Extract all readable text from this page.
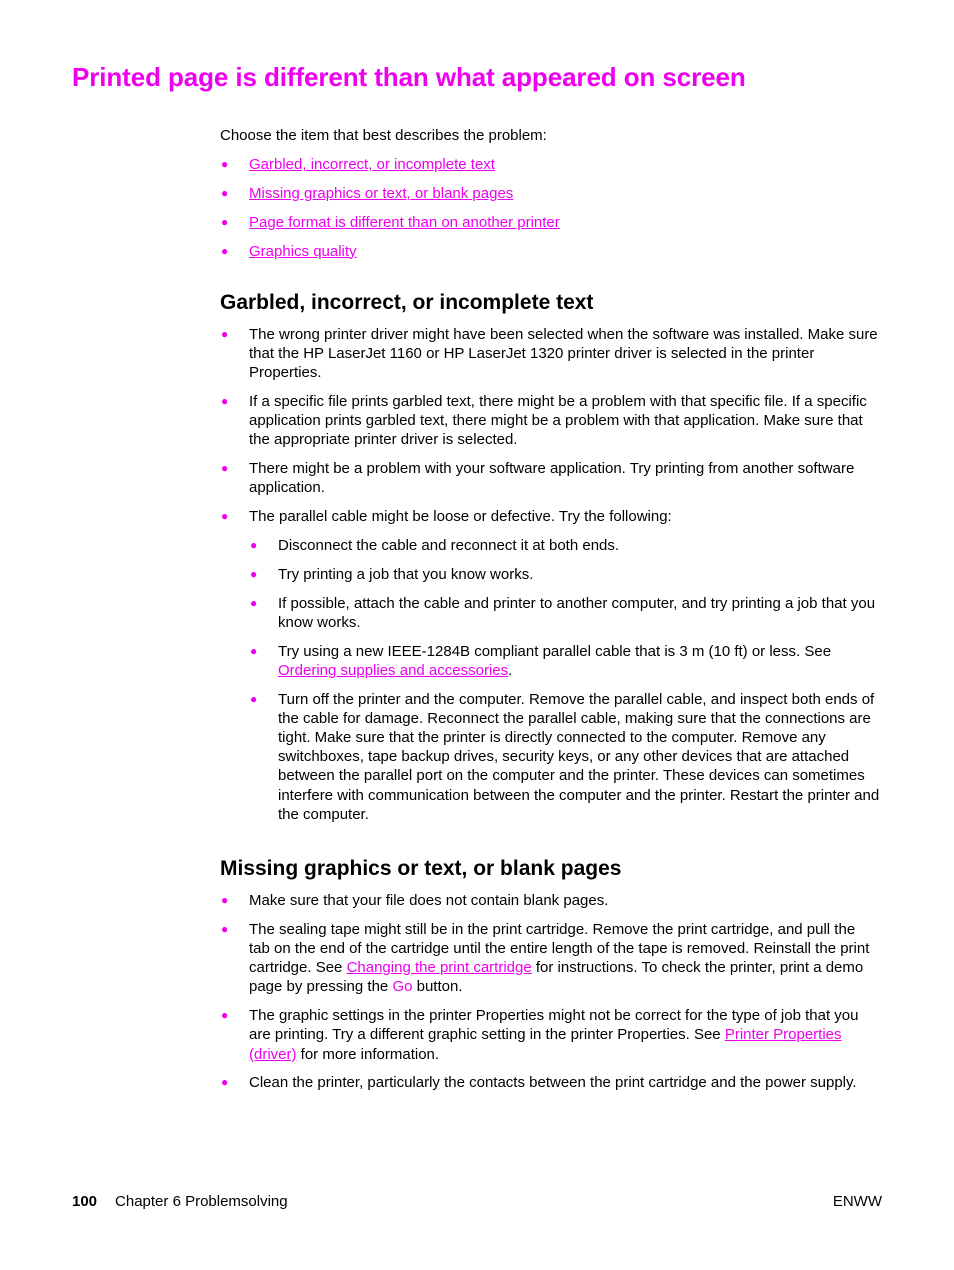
Printed page is different than what appeared on screen

Choose the item that best describes the problem:

● Garbled, incorrect, or incomplete text
● Missing graphics or text, or blank pages
● Page format is different than on another printer
● Graphics quality
Garbled, incorrect, or incomplete text
● The wrong printer driver might have been selected when the software was installed. Make sure that the HP LaserJet 1160 or HP LaserJet 1320 printer driver is selected in the printer Properties.
● If a specific file prints garbled text, there might be a problem with that specific file. If a specific application prints garbled text, there might be a problem with that application. Make sure that the appropriate printer driver is selected.
● There might be a problem with your software application. Try printing from another software application.
● The parallel cable might be loose or defective. Try the following:
● Disconnect the cable and reconnect it at both ends.
● Try printing a job that you know works.
● If possible, attach the cable and printer to another computer, and try printing a job that you know works.
● Try using a new IEEE-1284B compliant parallel cable that is 3 m (10 ft) or less. See Ordering supplies and accessories.
● Turn off the printer and the computer. Remove the parallel cable, and inspect both ends of the cable for damage. Reconnect the parallel cable, making sure that the connections are tight. Make sure that the printer is directly connected to the computer. Remove any switchboxes, tape backup drives, security keys, or any other devices that are attached between the parallel port on the computer and the printer. These devices can sometimes interfere with communication between the computer and the printer. Restart the printer and the computer.
Missing graphics or text, or blank pages
● Make sure that your file does not contain blank pages.
● The sealing tape might still be in the print cartridge. Remove the print cartridge, and pull the tab on the end of the cartridge until the entire length of the tape is removed. Reinstall the print cartridge. See Changing the print cartridge for instructions. To check the printer, print a demo page by pressing the Go button.
● The graphic settings in the printer Properties might not be correct for the type of job that you are printing. Try a different graphic setting in the printer Properties. See Printer Properties (driver) for more information.
● Clean the printer, particularly the contacts between the print cartridge and the power supply.
100 Chapter 6 Problemsolving	ENWW
